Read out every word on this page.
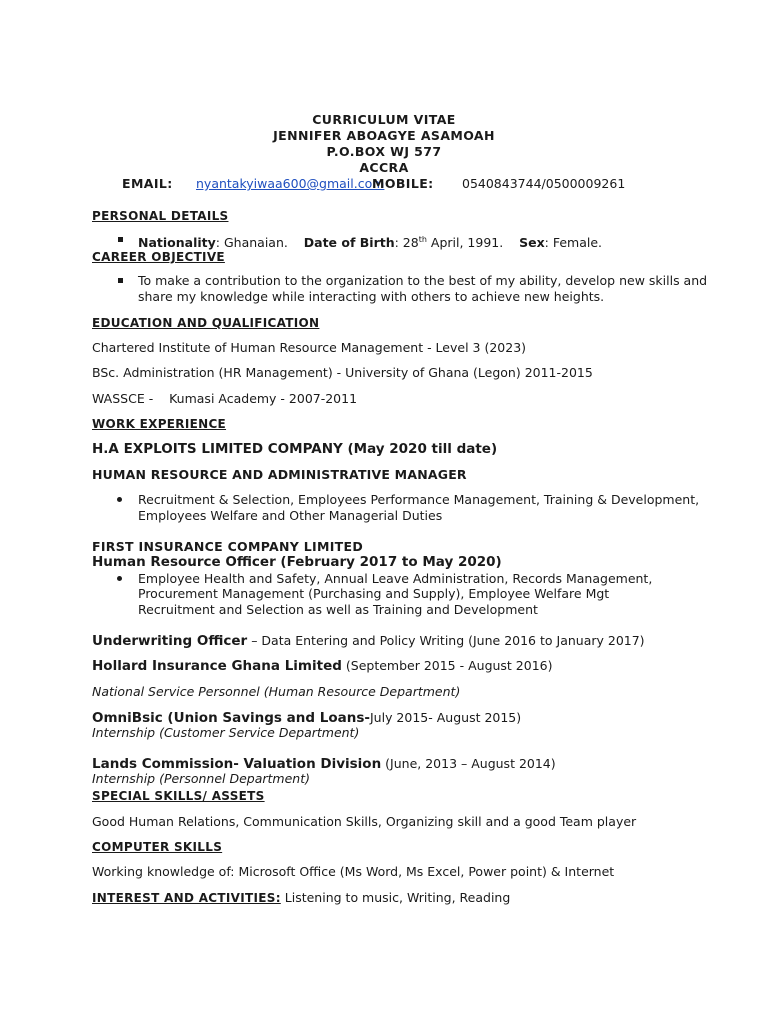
CURRICULUM VITAE
JENNIFER ABOAGYE ASAMOAH
P.O.BOX WJ 577
ACCRA
EMAIL: nyantakyiwaa600@gmail.com
MOBILE: 0540843744/0500009261
PERSONAL DETAILS
Nationality: Ghanaian. Date of Birth: 28th April, 1991. Sex: Female.
CAREER OBJECTIVE
To make a contribution to the organization to the best of my ability, develop new skills and
share my knowledge while interacting with others to achieve new heights.
EDUCATION AND QUALIFICATION
Chartered Institute of Human Resource Management - Level 3 (2023)
BSc. Administration (HR Management) - University of Ghana (Legon) 2011-2015
WASSCE -    Kumasi Academy - 2007-2011
WORK EXPERIENCE
H.A EXPLOITS LIMITED COMPANY (May 2020 till date)
HUMAN RESOURCE AND ADMINISTRATIVE MANAGER
Recruitment & Selection, Employees Performance Management, Training & Development,
Employees Welfare and Other Managerial Duties
FIRST INSURANCE COMPANY LIMITED
Human Resource Officer (February 2017 to May 2020)
Employee Health and Safety, Annual Leave Administration, Records Management,
Procurement Management (Purchasing and Supply), Employee Welfare Mgt
Recruitment and Selection as well as Training and Development
Underwriting Officer – Data Entering and Policy Writing (June 2016 to January 2017)
Hollard Insurance Ghana Limited (September 2015 - August 2016)
National Service Personnel (Human Resource Department)
OmniBsic (Union Savings and Loans-July 2015- August 2015)
Internship (Customer Service Department)
Lands Commission- Valuation Division (June, 2013 – August 2014)
Internship (Personnel Department)
SPECIAL SKILLS/ ASSETS
Good Human Relations, Communication Skills, Organizing skill and a good Team player
COMPUTER SKILLS
Working knowledge of: Microsoft Office (Ms Word, Ms Excel, Power point) & Internet
INTEREST AND ACTIVITIES: Listening to music, Writing, Reading
